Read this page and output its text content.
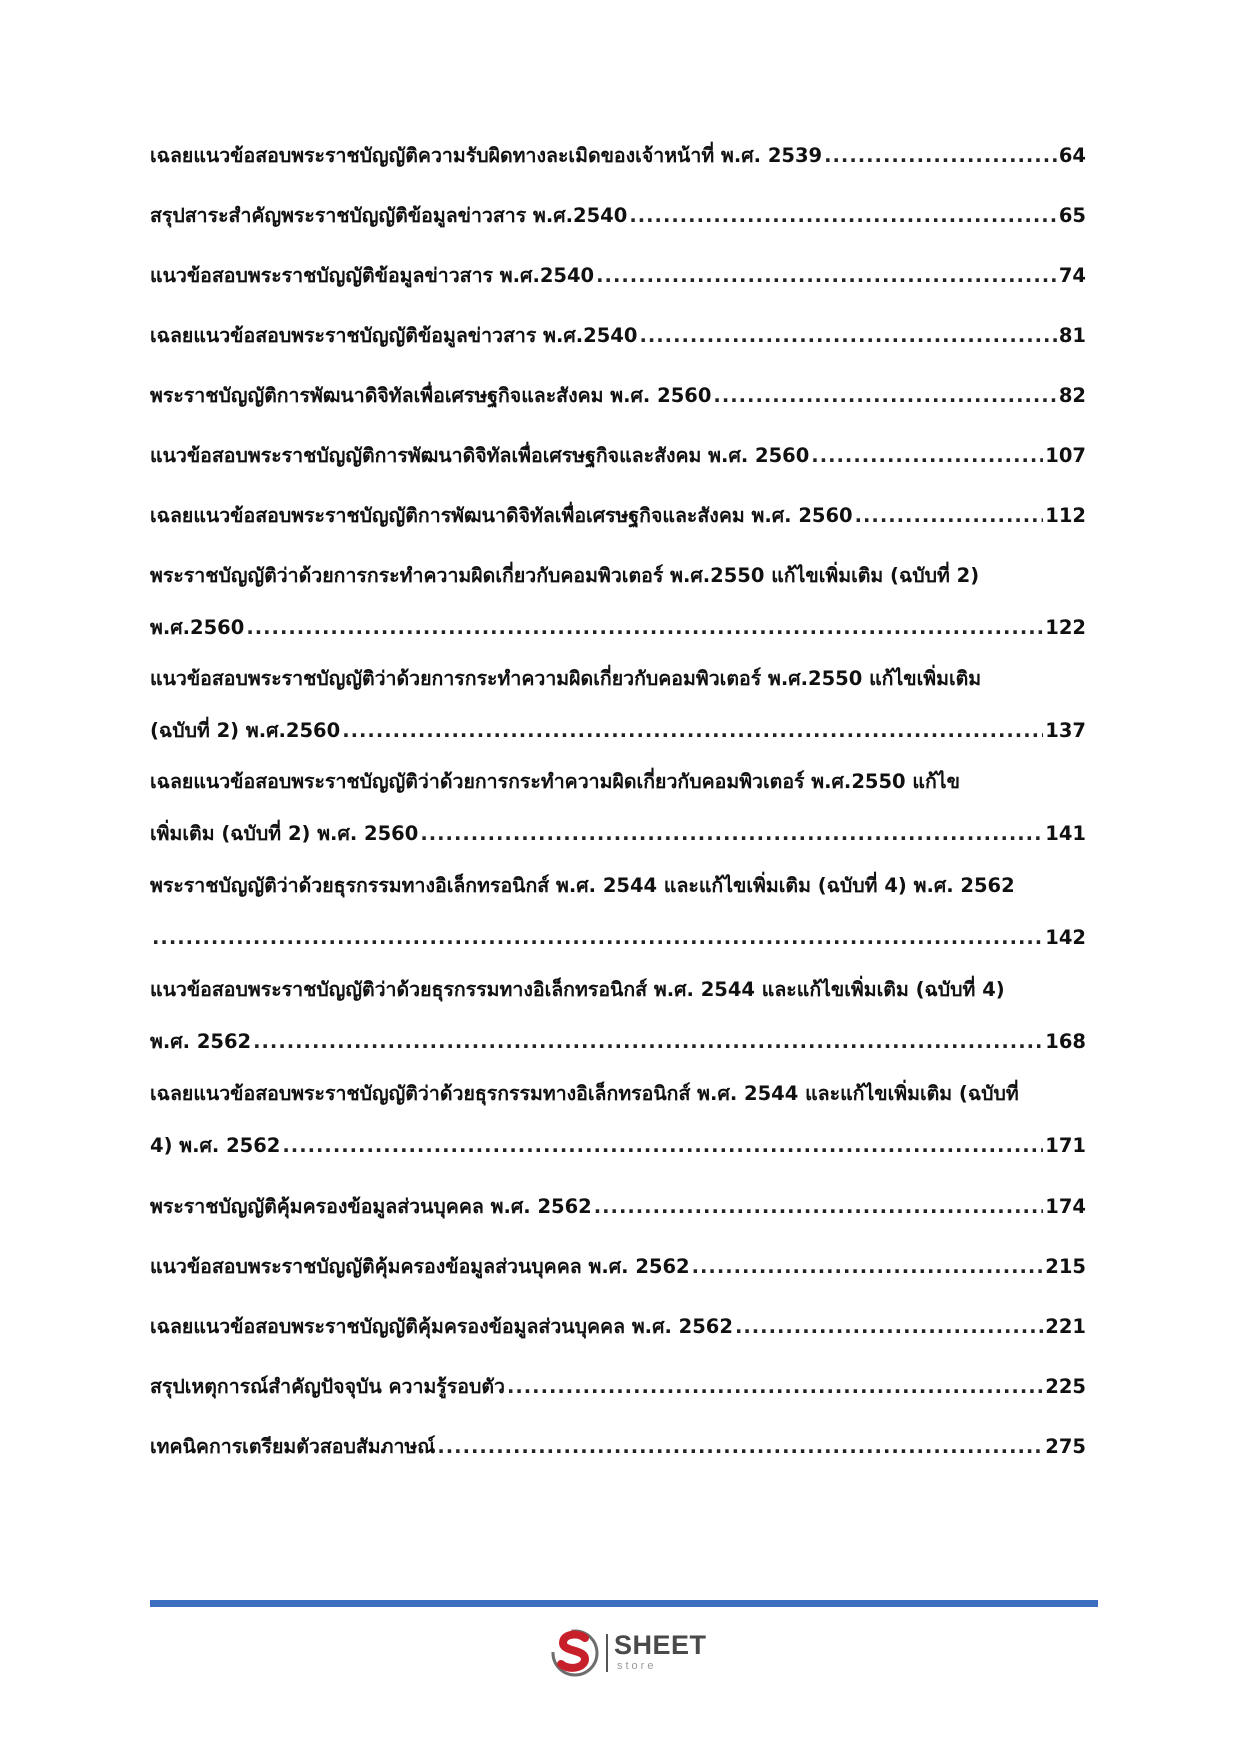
เฉลยแนวข้อสอบพระราชบัญญัติความรับผิดทางละเมิดของเจ้าหน้าที่ พ.ศ. 2539 .....	64
สรุปสาระสำคัญพระราชบัญญัติข้อมูลข่าวสาร พ.ศ.2540 .....	65
แนวข้อสอบพระราชบัญญัติข้อมูลข่าวสาร พ.ศ.2540 .....	74
เฉลยแนวข้อสอบพระราชบัญญัติข้อมูลข่าวสาร พ.ศ.2540 .....	81
พระราชบัญญัติการพัฒนาดิจิทัลเพื่อเศรษฐกิจและสังคม พ.ศ. 2560 .....	82
แนวข้อสอบพระราชบัญญัติการพัฒนาดิจิทัลเพื่อเศรษฐกิจและสังคม พ.ศ. 2560 .....	107
เฉลยแนวข้อสอบพระราชบัญญัติการพัฒนาดิจิทัลเพื่อเศรษฐกิจและสังคม พ.ศ. 2560 .....	112
พระราชบัญญัติว่าด้วยการกระทำความผิดเกี่ยวกับคอมพิวเตอร์ พ.ศ.2550 แก้ไขเพิ่มเติม (ฉบับที่ 2)
พ.ศ.2560 .....	122
แนวข้อสอบพระราชบัญญัติว่าด้วยการกระทำความผิดเกี่ยวกับคอมพิวเตอร์ พ.ศ.2550 แก้ไขเพิ่มเติม
(ฉบับที่ 2) พ.ศ.2560 .....	137
เฉลยแนวข้อสอบพระราชบัญญัติว่าด้วยการกระทำความผิดเกี่ยวกับคอมพิวเตอร์ พ.ศ.2550 แก้ไข
เพิ่มเติม (ฉบับที่ 2) พ.ศ. 2560 .....	141
พระราชบัญญัติว่าด้วยธุรกรรมทางอิเล็กทรอนิกส์ พ.ศ. 2544 และแก้ไขเพิ่มเติม (ฉบับที่ 4) พ.ศ. 2562
.....
142
แนวข้อสอบพระราชบัญญัติว่าด้วยธุรกรรมทางอิเล็กทรอนิกส์ พ.ศ. 2544 และแก้ไขเพิ่มเติม (ฉบับที่ 4)
พ.ศ. 2562 .....	168
เฉลยแนวข้อสอบพระราชบัญญัติว่าด้วยธุรกรรมทางอิเล็กทรอนิกส์ พ.ศ. 2544 และแก้ไขเพิ่มเติม (ฉบับที่
4) พ.ศ. 2562 .....	171
พระราชบัญญัติคุ้มครองข้อมูลส่วนบุคคล พ.ศ. 2562 .....	174
แนวข้อสอบพระราชบัญญัติคุ้มครองข้อมูลส่วนบุคคล พ.ศ. 2562 .....	215
เฉลยแนวข้อสอบพระราชบัญญัติคุ้มครองข้อมูลส่วนบุคคล พ.ศ. 2562 .....	221
สรุปเหตุการณ์สำคัญปัจจุบัน ความรู้รอบตัว .....	225
เทคนิคการเตรียมตัวสอบสัมภาษณ์ .....	275
SHEET
store
